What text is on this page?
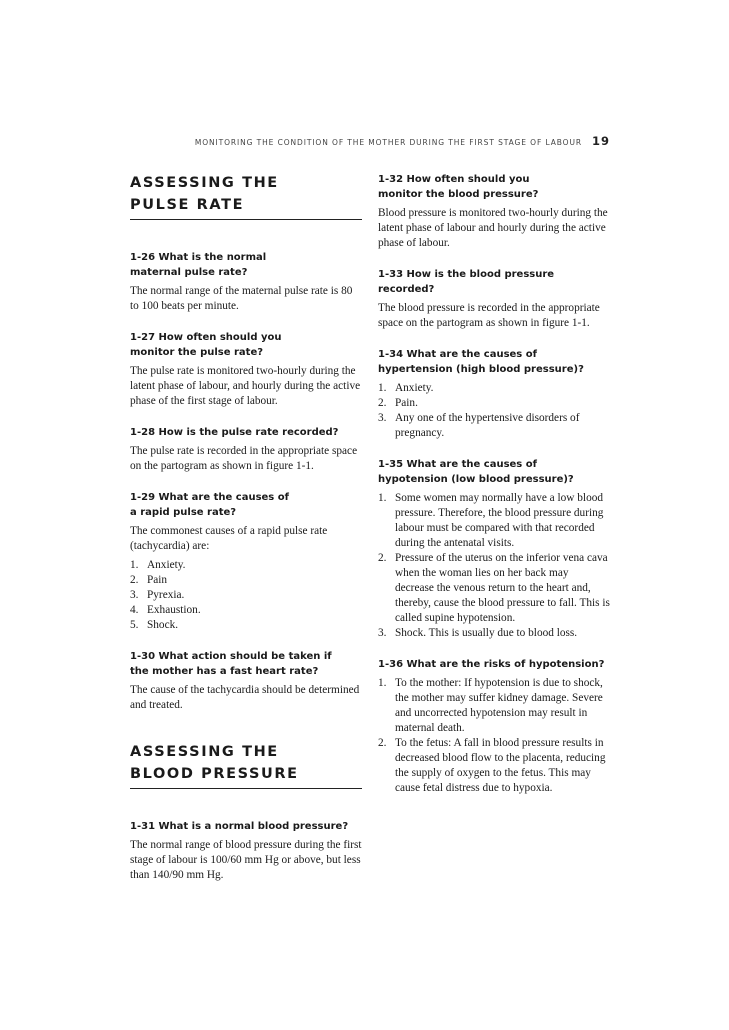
MONITORING THE CONDITION OF THE MOTHER DURING THE FIRST STAGE OF LABOUR 19
ASSESSING THE
PULSE RATE

1-26 What is the normal
maternal pulse rate?

The normal range of the maternal pulse rate is 80 to 100 beats per minute.

1-27 How often should you
monitor the pulse rate?

The pulse rate is monitored two-hourly during the latent phase of labour, and hourly during the active phase of the first stage of labour.

1-28 How is the pulse rate recorded?

The pulse rate is recorded in the appropriate space on the partogram as shown in figure 1-1.

1-29 What are the causes of
a rapid pulse rate?

The commonest causes of a rapid pulse rate (tachycardia) are:

1. Anxiety.
2. Pain
3. Pyrexia.
4. Exhaustion.
5. Shock.

1-30 What action should be taken if
the mother has a fast heart rate?

The cause of the tachycardia should be determined and treated.

ASSESSING THE
BLOOD PRESSURE

1-31 What is a normal blood pressure?

The normal range of blood pressure during the first stage of labour is 100/60 mm Hg or above, but less than 140/90 mm Hg.

1-32 How often should you
monitor the blood pressure?

Blood pressure is monitored two-hourly during the latent phase of labour and hourly during the active phase of labour.

1-33 How is the blood pressure recorded?

The blood pressure is recorded in the appropriate space on the partogram as shown in figure 1-1.

1-34 What are the causes of
hypertension (high blood pressure)?

1. Anxiety.
2. Pain.
3. Any one of the hypertensive disorders of pregnancy.

1-35 What are the causes of
hypotension (low blood pressure)?

1. Some women may normally have a low blood pressure. Therefore, the blood pressure during labour must be compared with that recorded during the antenatal visits.
2. Pressure of the uterus on the inferior vena cava when the woman lies on her back may decrease the venous return to the heart and, thereby, cause the blood pressure to fall. This is called supine hypotension.
3. Shock. This is usually due to blood loss.

1-36 What are the risks of hypotension?

1. To the mother: If hypotension is due to shock, the mother may suffer kidney damage. Severe and uncorrected hypotension may result in maternal death.
2. To the fetus: A fall in blood pressure results in decreased blood flow to the placenta, reducing the supply of oxygen to the fetus. This may cause fetal distress due to hypoxia.
